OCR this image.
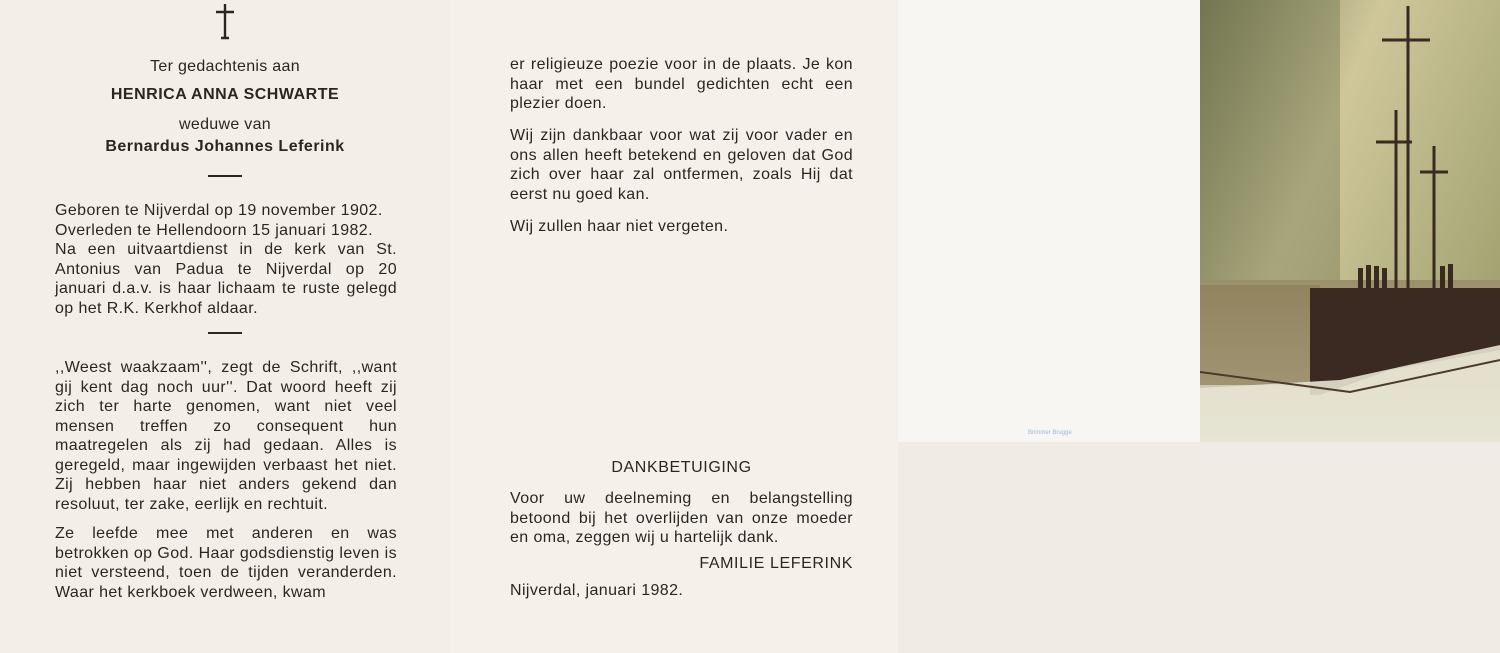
Ter gedachtenis aan
HENRICA ANNA SCHWARTE
weduwe van
Bernardus Johannes Leferink

Geboren te Nijverdal op 19 november 1902.

Overleden te Hellendoorn 15 januari 1982.

Na een uitvaartdienst in de kerk van St. Antonius van Padua te Nijverdal op 20 januari d.a.v. is haar lichaam te ruste gelegd op het R.K. Kerkhof aldaar.

,,Weest waakzaam'', zegt de Schrift, ,,want gij kent dag noch uur''. Dat woord heeft zij zich ter harte genomen, want niet veel mensen treffen zo consequent hun maatregelen als zij had gedaan. Alles is geregeld, maar ingewijden verbaast het niet. Zij hebben haar niet anders gekend dan resoluut, ter zake, eerlijk en rechtuit.
Ze leefde mee met anderen en was betrokken op God. Haar godsdienstig leven is niet versteend, toen de tijden veranderden. Waar het kerkboek verdween, kwam
er religieuze poezie voor in de plaats. Je kon haar met een bundel gedichten echt een plezier doen.
Wij zijn dankbaar voor wat zij voor vader en ons allen heeft betekend en geloven dat God zich over haar zal ontfermen, zoals Hij dat eerst nu goed kan.
Wij zullen haar niet vergeten.
DANKBETUIGING
Voor uw deelneming en belangstelling betoond bij het overlijden van onze moeder en oma, zeggen wij u hartelijk dank.
FAMILIE LEFERINK
Nijverdal, januari 1982.
Brimmer Brugge
